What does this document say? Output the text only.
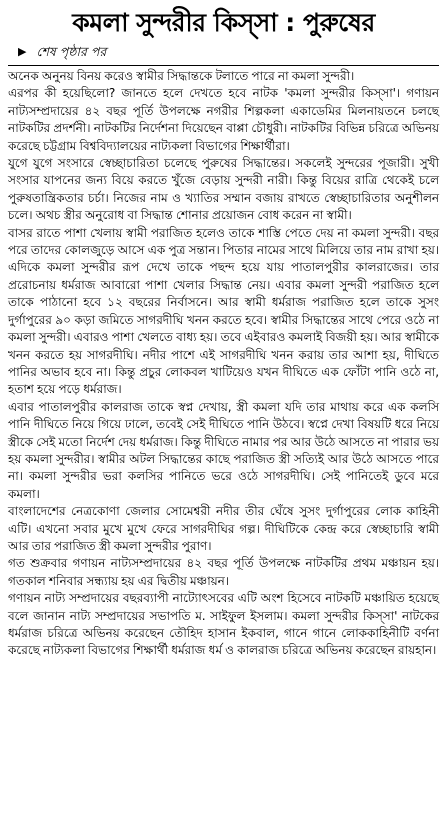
কমলা সুন্দরীর কিস্‌সা : পুরুষের
▶ শেষ পৃষ্ঠার পর

অনেক অনুনয় বিনয় করেও স্বামীর সিদ্ধান্তকে টলাতে পারে না কমলা সুন্দরী।

এরপর কী হয়েছিলো? জানতে হলে দেখতে হবে নাটক 'কমলা সুন্দরীর কিস্‌সা'। গণায়ন নাট্যসম্প্রদায়ের ৪২ বছর পূর্তি উপলক্ষে নগরীর শিল্পকলা একাডেমির মিলনায়তনে চলছে নাটকটির প্রদর্শনী। নাটকটির নির্দেশনা দিয়েছেন বাপ্পা চৌধুরী। নাটকটির বিভিন্ন চরিত্রে অভিনয় করেছে চট্টগ্রাম বিশ্ববিদ্যালয়ের নাট্যকলা বিভাগের শিক্ষার্থীরা।

যুগে যুগে সংসারে স্বেচ্ছাচারিতা চলেছে পুরুষের সিদ্ধান্তের। সকলেই সুন্দরের পূজারী। সুখী সংসার যাপনের জন্য বিয়ে করতে খুঁজে বেড়ায় সুন্দরী নারী। কিন্তু বিয়ের রাত্রি থেকেই চলে পুরুষতান্ত্রিকতার চর্চা। নিজের নাম ও খ্যাতির সম্মান বজায় রাখতে স্বেচ্ছাচারিতার অনুশীলন চলে। অথচ স্ত্রীর অনুরোধ বা সিদ্ধান্ত শোনার প্রয়োজন বোধ করেন না স্বামী।

বাসর রাতে পাশা খেলায় স্বামী পরাজিত হলেও তাকে শাস্তি পেতে দেয় না কমলা সুন্দরী। বছর পরে তাদের কোলজুড়ে আসে এক পুত্র সন্তান। পিতার নামের সাথে মিলিয়ে তার নাম রাখা হয়। এদিকে কমলা সুন্দরীর রূপ দেখে তাকে পছন্দ হয়ে যায় পাতালপুরীর কালরাজের। তার প্ররোচনায় ধর্মরাজ আবারো পাশা খেলার সিদ্ধান্ত নেয়। এবার কমলা সুন্দরী পরাজিত হলে তাকে পাঠানো হবে ১২ বছরের নির্বাসনে। আর স্বামী ধর্মরাজ পরাজিত হলে তাকে সুসং দুর্গাপুরের ৯০ কড়া জমিতে সাগরদীঘি খনন করতে হবে। স্বামীর সিদ্ধান্তের সাথে পেরে ওঠে না কমলা সুন্দরী। এবারও পাশা খেলতে বাধ্য হয়। তবে এইবারও কমলাই বিজয়ী হয়। আর স্বামীকে খনন করতে হয় সাগরদীঘি। নদীর পাশে এই সাগরদীঘি খনন করায় তার আশা হয়, দীঘিতে পানির অভাব হবে না। কিন্তু প্রচুর লোকবল খাটিয়েও যখন দীঘিতে এক ফোঁটা পানি ওঠে না, হতাশ হয়ে পড়ে ধর্মরাজ।

এবার পাতালপুরীর কালরাজ তাকে স্বপ্ন দেখায়, স্ত্রী কমলা যদি তার মাথায় করে এক কলসি পানি দীঘিতে নিয়ে গিয়ে ঢালে, তবেই সেই দীঘিতে পানি উঠবে। স্বপ্নে দেখা বিষয়টি ধরে নিয়ে স্ত্রীকে সেই মতো নির্দেশ দেয় ধর্মরাজ। কিন্তু দীঘিতে নামার পর আর উঠে আসতে না পারার ভয় হয় কমলা সুন্দরীর। স্বামীর অটল সিদ্ধান্তের কাছে পরাজিত স্ত্রী সত্যিই আর উঠে আসতে পারে না। কমলা সুন্দরীর ভরা কলসির পানিতে ভরে ওঠে সাগরদীঘি। সেই পানিতেই ডুবে মরে কমলা।

বাংলাদেশের নেত্রকোণা জেলার সোমেশ্বরী নদীর তীর ঘেঁষে সুসং দুর্গাপুরের লোক কাহিনী এটি। এখনো সবার মুখে মুখে ফেরে সাগরদীঘির গল্প। দীঘিটিকে কেন্দ্র করে স্বেচ্ছাচারি স্বামী আর তার পরাজিত স্ত্রী কমলা সুন্দরীর পুরাণ।

গত শুক্রবার গণায়ন নাট্যসম্প্রদায়ের ৪২ বছর পূর্তি উপলক্ষে নাটকটির প্রথম মঞ্চায়ন হয়। গতকাল শনিবার সন্ধ্যায় হয় এর দ্বিতীয় মঞ্চায়ন।

গণায়ন নাট্য সম্প্রদায়ের বছরব্যাপী নাট্যোৎসবের এটি অংশ হিসেবে নাটকটি মঞ্চায়িত হয়েছে বলে জানান নাট্য সম্প্রদায়ের সভাপতি ম. সাইফুল ইসলাম। কমলা সুন্দরীর কিস্‌সা' নাটকের ধর্মরাজ চরিত্রে অভিনয় করেছেন তৌহিদ হাসান ইকবাল, গানে গানে লোককাহিনীটি বর্ণনা করেছে নাট্যকলা বিভাগের শিক্ষার্থী ধর্মরাজ ধর্ম ও কালরাজ চরিত্রে অভিনয় করেছেন রায়হান।
